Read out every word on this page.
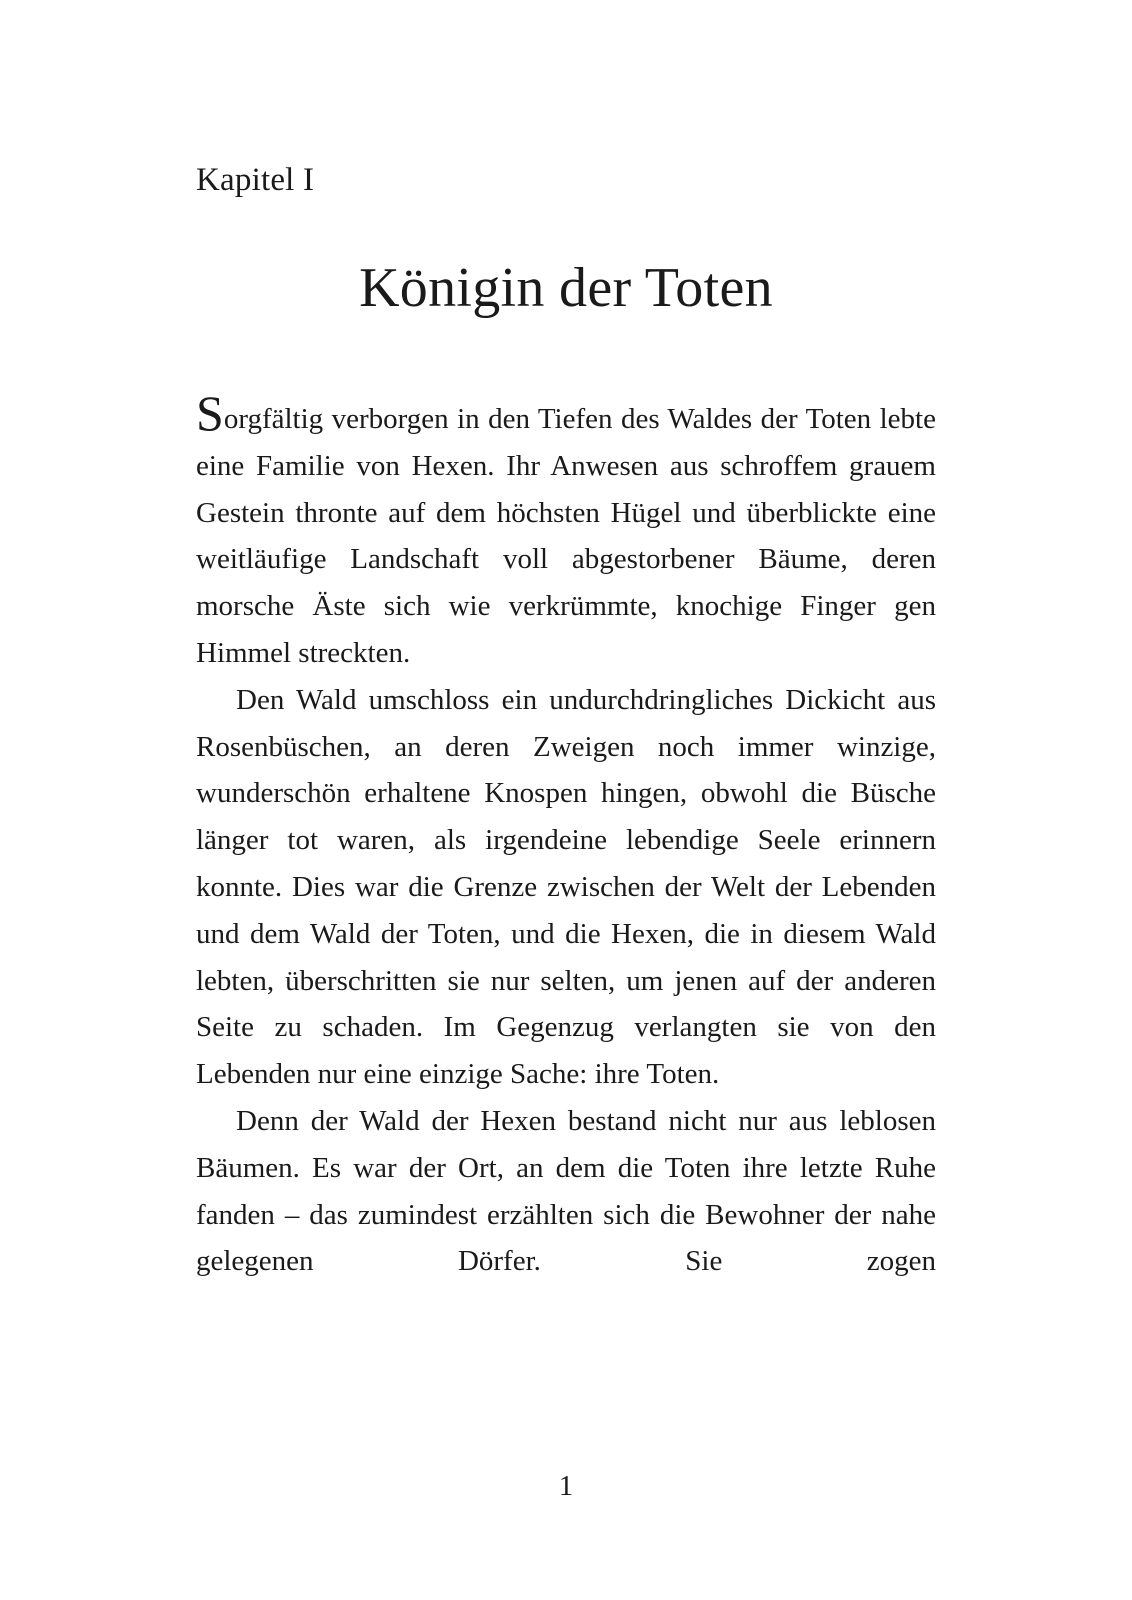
Kapitel I
Königin der Toten

Sorgfältig verborgen in den Tiefen des Waldes der Toten lebte eine Familie von Hexen. Ihr Anwesen aus schroffem grauem Gestein thronte auf dem höchsten Hügel und überblickte eine weitläufige Landschaft voll abgestorbener Bäume, deren morsche Äste sich wie verkrümmte, knochige Finger gen Himmel streckten.

Den Wald umschloss ein undurchdringliches Dickicht aus Rosenbüschen, an deren Zweigen noch immer winzige, wunderschön erhaltene Knospen hingen, obwohl die Büsche länger tot waren, als irgendeine lebendige Seele erinnern konnte. Dies war die Grenze zwischen der Welt der Lebenden und dem Wald der Toten, und die Hexen, die in diesem Wald lebten, überschritten sie nur selten, um jenen auf der anderen Seite zu schaden. Im Gegenzug verlangten sie von den Lebenden nur eine einzige Sache: ihre Toten.

Denn der Wald der Hexen bestand nicht nur aus leblosen Bäumen. Es war der Ort, an dem die Toten ihre letzte Ruhe fanden – das zumindest erzählten sich die Bewohner der nahe gelegenen Dörfer. Sie zogen

1
